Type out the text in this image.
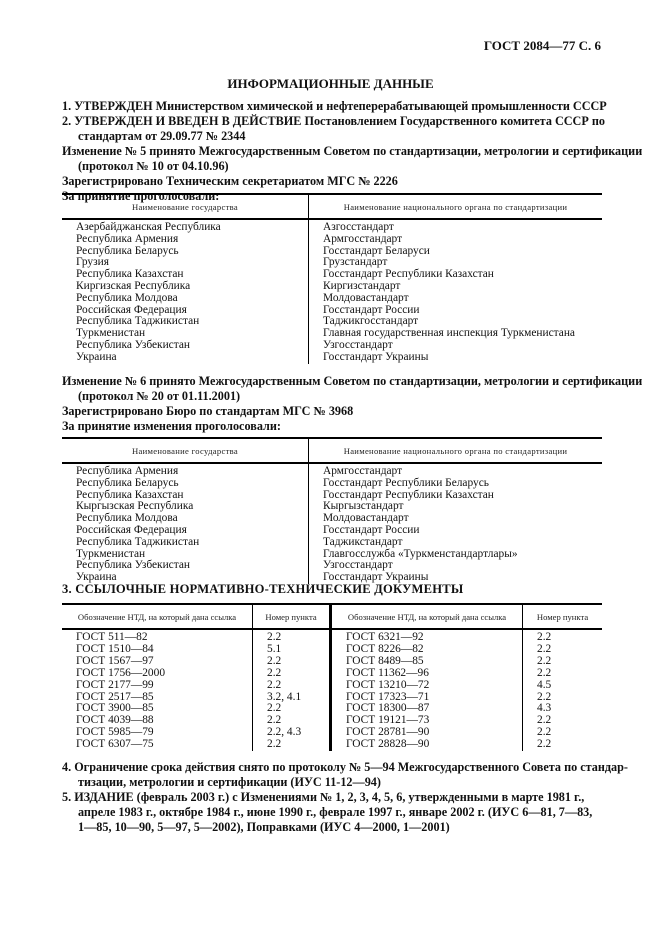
ГОСТ 2084—77 С. 6
ИНФОРМАЦИОННЫЕ ДАННЫЕ
1. УТВЕРЖДЕН Министерством химической и нефтеперерабатывающей промышленности СССР
2. УТВЕРЖДЕН И ВВЕДЕН В ДЕЙСТВИЕ Постановлением Государственного комитета СССР по
стандартам от 29.09.77 № 2344
Изменение № 5 принято Межгосударственным Советом по стандартизации, метрологии и сертификации
(протокол № 10 от 04.10.96)
Зарегистрировано Техническим секретариатом МГС № 2226
За принятие проголосовали:
Наименование государства	Наименование национального органа по стандартизации
Азербайджанская Республика	Азгосстандарт
Республика Армения	Армгосстандарт
Республика Беларусь	Госстандарт Беларуси
Грузия	Грузстандарт
Республика Казахстан	Госстандарт Республики Казахстан
Киргизская Республика	Киргизстандарт
Республика Молдова	Молдовастандарт
Российская Федерация	Госстандарт России
Республика Таджикистан	Таджикгосстандарт
Туркменистан	Главная государственная инспекция Туркменистана
Республика Узбекистан	Узгосстандарт
Украина	Госстандарт Украины
Изменение № 6 принято Межгосударственным Советом по стандартизации, метрологии и сертификации
(протокол № 20 от 01.11.2001)
Зарегистрировано Бюро по стандартам МГС № 3968
За принятие изменения проголосовали:
Наименование государства	Наименование национального органа по стандартизации
Республика Армения	Армгосстандарт
Республика Беларусь	Госстандарт Республики Беларусь
Республика Казахстан	Госстандарт Республики Казахстан
Кыргызская Республика	Кыргызстандарт
Республика Молдова	Молдовастандарт
Российская Федерация	Госстандарт России
Республика Таджикистан	Таджикстандарт
Туркменистан	Главгосслужба «Туркменстандартлары»
Республика Узбекистан	Узгосстандарт
Украина	Госстандарт Украины
3. ССЫЛОЧНЫЕ НОРМАТИВНО-ТЕХНИЧЕСКИЕ ДОКУМЕНТЫ
Обозначение НТД, на который дана ссылка	Номер пункта	Обозначение НТД, на который дана ссылка	Номер пункта
ГОСТ 511—82	2.2	ГОСТ 6321—92	2.2
ГОСТ 1510—84	5.1	ГОСТ 8226—82	2.2
ГОСТ 1567—97	2.2	ГОСТ 8489—85	2.2
ГОСТ 1756—2000	2.2	ГОСТ 11362—96	2.2
ГОСТ 2177—99	2.2	ГОСТ 13210—72	4.5
ГОСТ 2517—85	3.2, 4.1	ГОСТ 17323—71	2.2
ГОСТ 3900—85	2.2	ГОСТ 18300—87	4.3
ГОСТ 4039—88	2.2	ГОСТ 19121—73	2.2
ГОСТ 5985—79	2.2, 4.3	ГОСТ 28781—90	2.2
ГОСТ 6307—75	2.2	ГОСТ 28828—90	2.2
4. Ограничение срока действия снято по протоколу № 5—94 Межгосударственного Совета по стандар-
тизации, метрологии и сертификации (ИУС 11-12—94)
5. ИЗДАНИЕ (февраль 2003 г.) с Изменениями № 1, 2, 3, 4, 5, 6, утвержденными в марте 1981 г.,
апреле 1983 г., октябре 1984 г., июне 1990 г., феврале 1997 г., январе 2002 г. (ИУС 6—81, 7—83,
1—85, 10—90, 5—97, 5—2002), Поправками (ИУС 4—2000, 1—2001)
